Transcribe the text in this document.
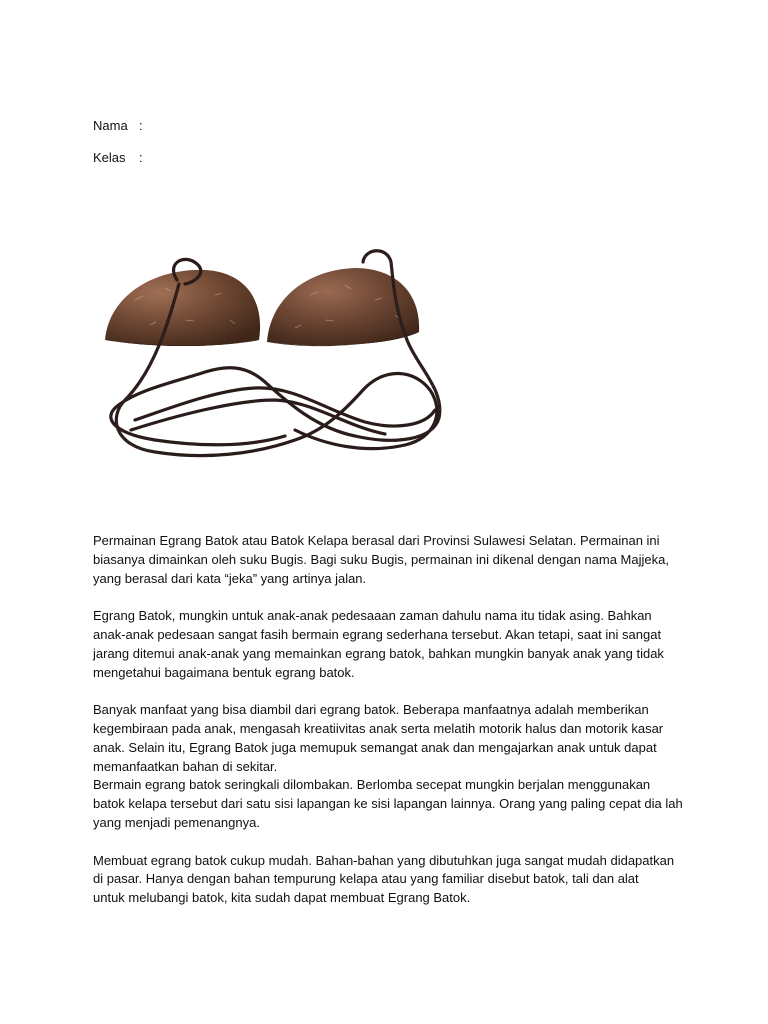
Nama :
Kelas	:

Permainan Egrang Batok atau Batok Kelapa berasal dari Provinsi Sulawesi Selatan. Permainan ini
biasanya dimainkan oleh suku Bugis. Bagi suku Bugis, permainan ini dikenal dengan nama Majjeka,
yang berasal dari kata “jeka” yang artinya jalan.

Egrang Batok, mungkin untuk anak-anak pedesaaan zaman dahulu nama itu tidak asing. Bahkan
anak-anak pedesaan sangat fasih bermain egrang sederhana tersebut. Akan tetapi, saat ini sangat
jarang ditemui anak-anak yang memainkan egrang batok, bahkan mungkin banyak anak yang tidak
mengetahui bagaimana bentuk egrang batok.

Banyak manfaat yang bisa diambil dari egrang batok. Beberapa manfaatnya adalah memberikan
kegembiraan pada anak, mengasah kreatiivitas anak serta melatih motorik halus dan motorik kasar
anak. Selain itu, Egrang Batok juga memupuk semangat anak dan mengajarkan anak untuk dapat
memanfaatkan bahan di sekitar.

Bermain egrang batok seringkali dilombakan. Berlomba secepat mungkin berjalan menggunakan
batok kelapa tersebut dari satu sisi lapangan ke sisi lapangan lainnya. Orang yang paling cepat dia lah
yang menjadi pemenangnya.

Membuat egrang batok cukup mudah. Bahan-bahan yang dibutuhkan juga sangat mudah didapatkan
di pasar. Hanya dengan bahan tempurung kelapa atau yang familiar disebut batok, tali dan alat
untuk melubangi batok, kita sudah dapat membuat Egrang Batok.
